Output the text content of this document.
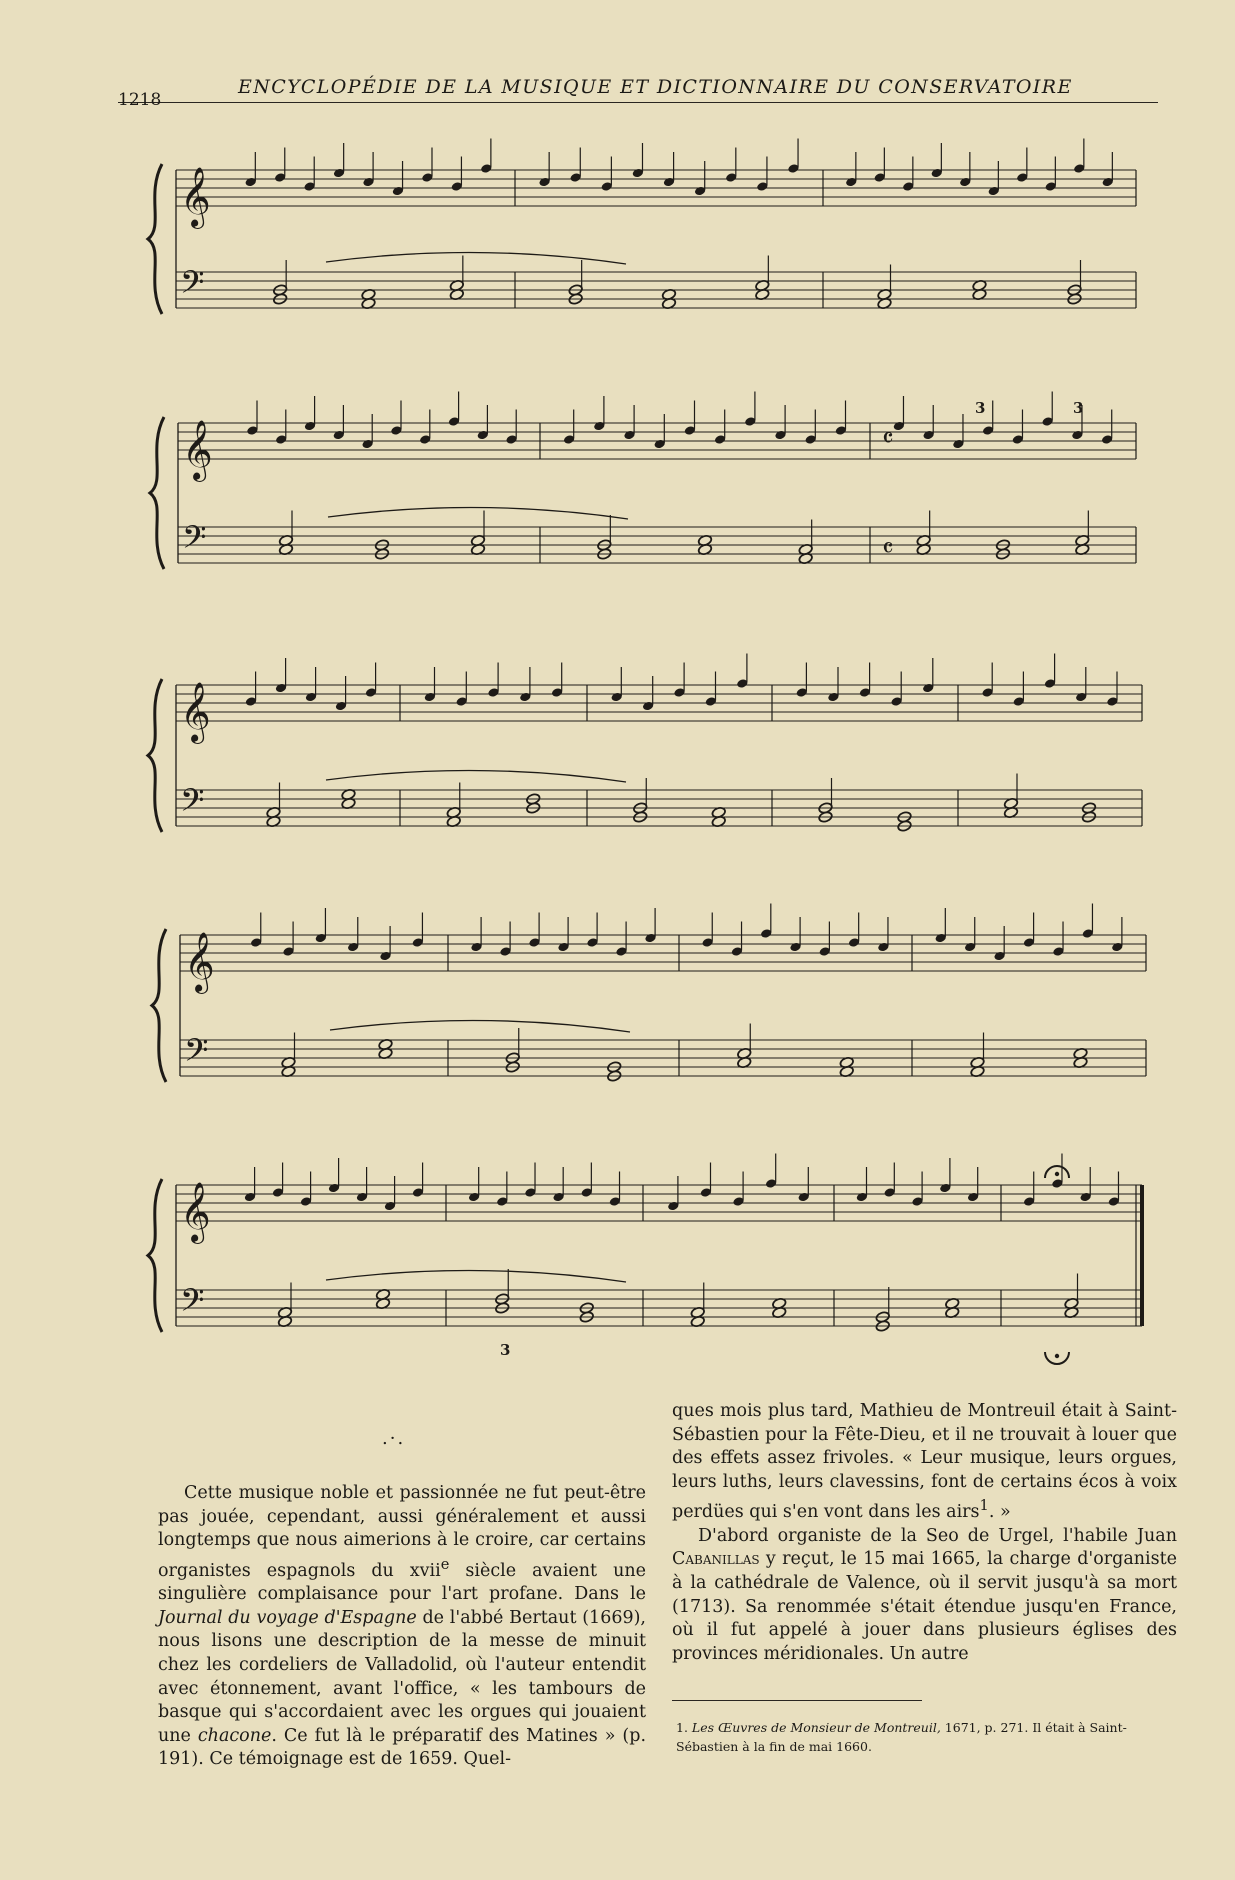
1218
ENCYCLOPÉDIE DE LA MUSIQUE ET DICTIONNAIRE DU CONSERVATOIRE
𝄞
𝄢
𝄞
𝄢
𝄞
𝄢
𝄞
𝄢
𝄞
𝄢
𝄴
𝄴
3	3
3
.·.

Cette musique noble et passionnée ne fut peut-être pas jouée, cependant, aussi généralement et aussi longtemps que nous aimerions à le croire, car certains organistes espagnols du xvii$^e$ siècle avaient une singulière complaisance pour l'art profane. Dans le Journal du voyage d'Espagne de l'abbé Bertaut (1669), nous lisons une description de la messe de minuit chez les cordeliers de Valladolid, où l'auteur entendit avec étonnement, avant l'office, « les tambours de basque qui s'accordaient avec les orgues qui jouaient une chacone. Ce fut là le préparatif des Matines » (p. 191). Ce témoignage est de 1659. Quel-

ques mois plus tard, Mathieu de Montreuil était à Saint-Sébastien pour la Fête-Dieu, et il ne trouvait à louer que des effets assez frivoles. « Leur musique, leurs orgues, leurs luths, leurs clavessins, font de certains écos à voix perdües qui s'en vont dans les airs$^1$. »

D'abord organiste de la Seo de Urgel, l'habile Juan Cabanillas y reçut, le 15 mai 1665, la charge d'organiste à la cathédrale de Valence, où il servit jusqu'à sa mort (1713). Sa renommée s'était étendue jusqu'en France, où il fut appelé à jouer dans plusieurs églises des provinces méridionales. Un autre

1. Les Œuvres de Monsieur de Montreuil, 1671, p. 271. Il était à Saint-Sébastien à la fin de mai 1660.
